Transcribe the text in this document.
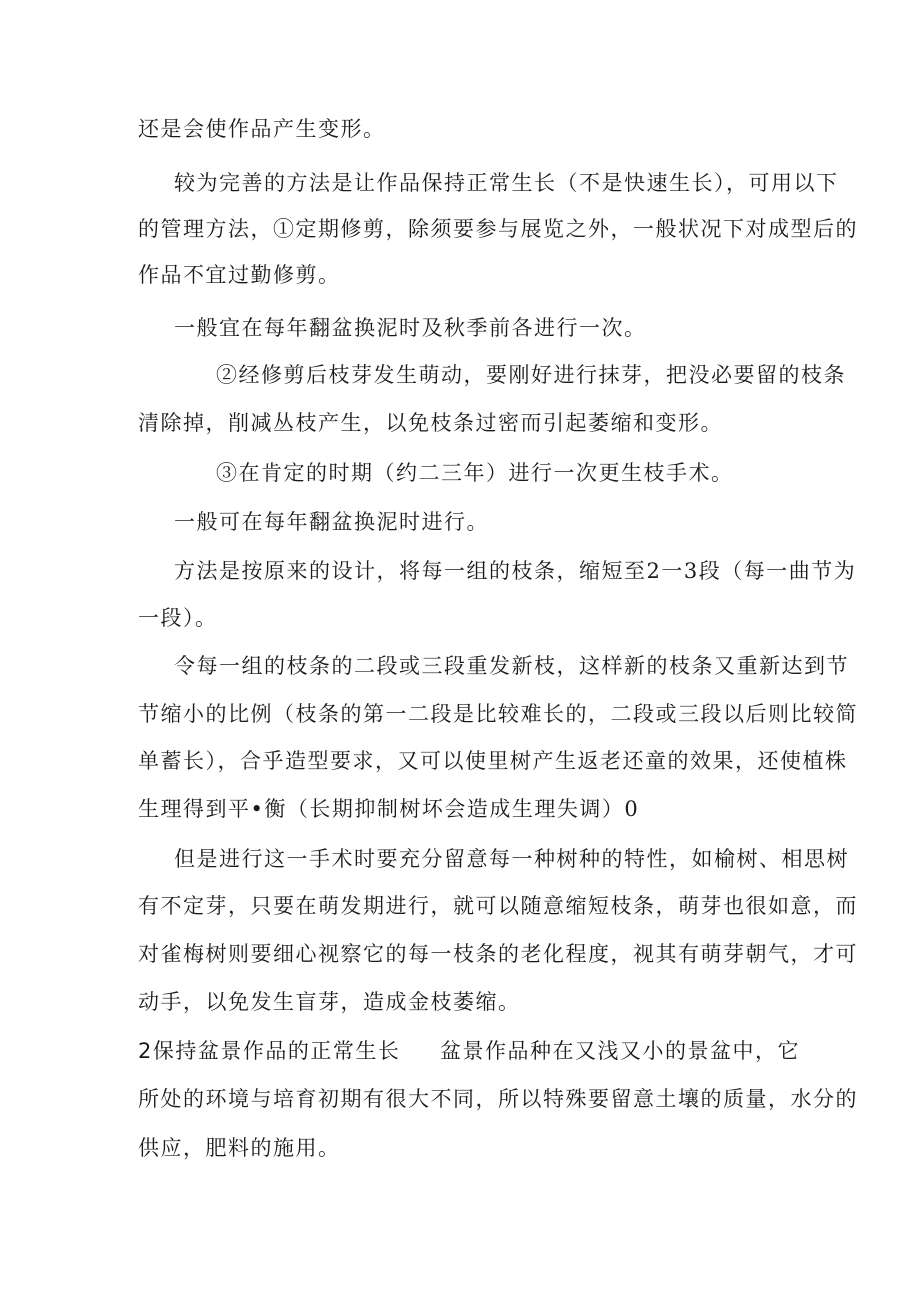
还是会使作品产生变形。
较为完善的方法是让作品保持正常生长（不是快速生长），可用以下
的管理方法，①定期修剪，除须要参与展览之外，一般状况下对成型后的
作品不宜过勤修剪。
一般宜在每年翻盆换泥时及秋季前各进行一次。
②经修剪后枝芽发生萌动，要刚好进行抹芽，把没必要留的枝条
清除掉，削减丛枝产生，以免枝条过密而引起萎缩和变形。
③在肯定的时期（约二三年）进行一次更生枝手术。
一般可在每年翻盆换泥时进行。
方法是按原来的设计，将每一组的枝条，缩短至2一3段（每一曲节为
一段）。
令每一组的枝条的二段或三段重发新枝，这样新的枝条又重新达到节
节缩小的比例（枝条的第一二段是比较难长的，二段或三段以后则比较简
单蓄长），合乎造型要求，又可以使里树产生返老还童的效果，还使植株
生理得到平•衡（长期抑制树坏会造成生理失调）0
但是进行这一手术时要充分留意每一种树种的特性，如榆树、相思树
有不定芽，只要在萌发期进行，就可以随意缩短枝条，萌芽也很如意，而
对雀梅树则要细心视察它的每一枝条的老化程度，视其有萌芽朝气，才可
动手，以免发生盲芽，造成金枝萎缩。
2保持盆景作品的正常生长 盆景作品种在又浅又小的景盆中，它
所处的环境与培育初期有很大不同，所以特殊要留意土壤的质量，水分的
供应，肥料的施用。
